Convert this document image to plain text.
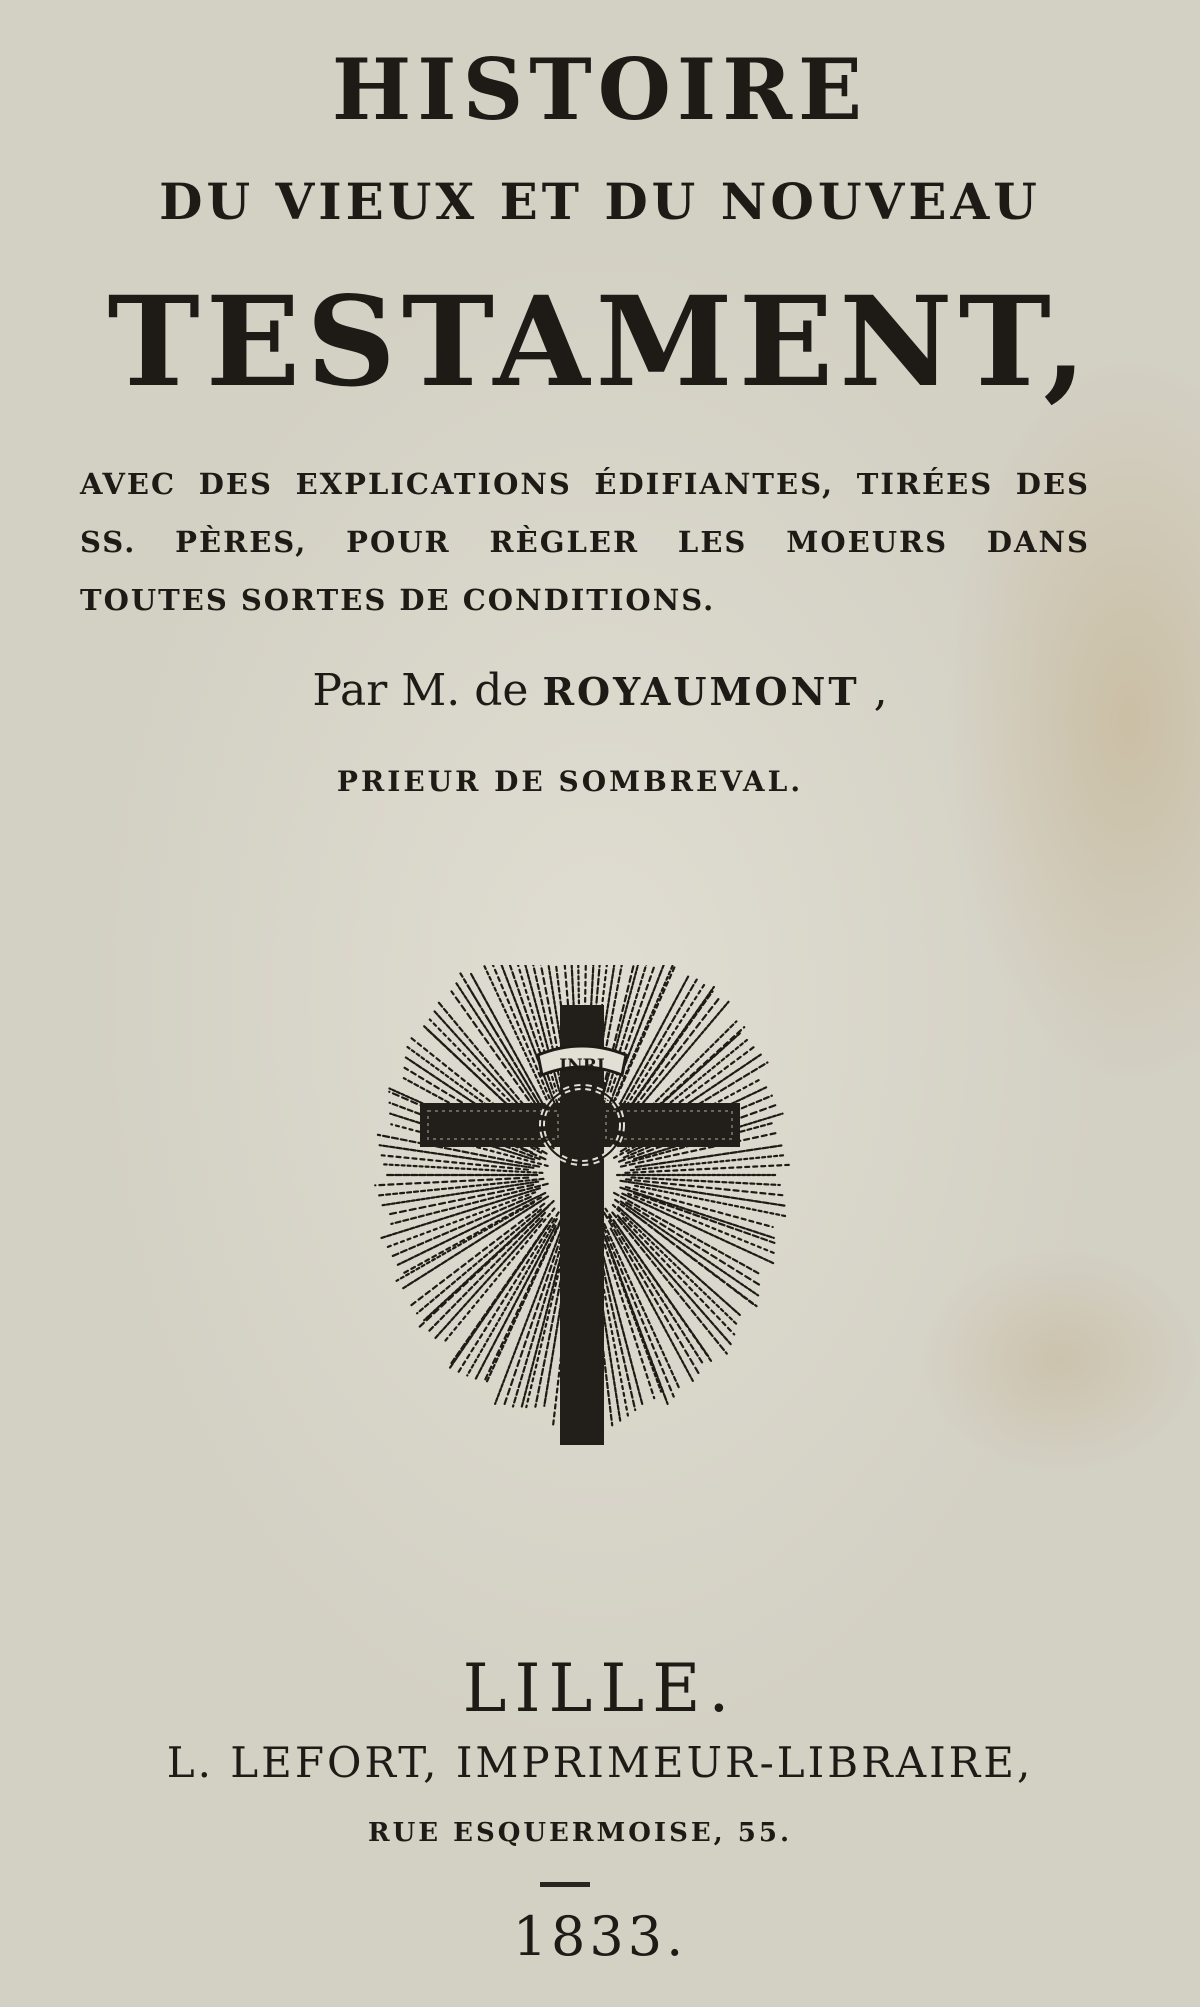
HISTOIRE
DU VIEUX ET DU NOUVEAU
TESTAMENT,
AVEC DES EXPLICATIONS ÉDIFIANTES, TIRÉES DES SS. PÈRES, POUR RÈGLER LES MOEURS DANS TOUTES SORTES DE CONDITIONS.
Par M. de ROYAUMONT ,
PRIEUR DE SOMBREVAL.
INRI
LILLE.
L. LEFORT, IMPRIMEUR-LIBRAIRE,
RUE ESQUERMOISE, 55.
1833.
